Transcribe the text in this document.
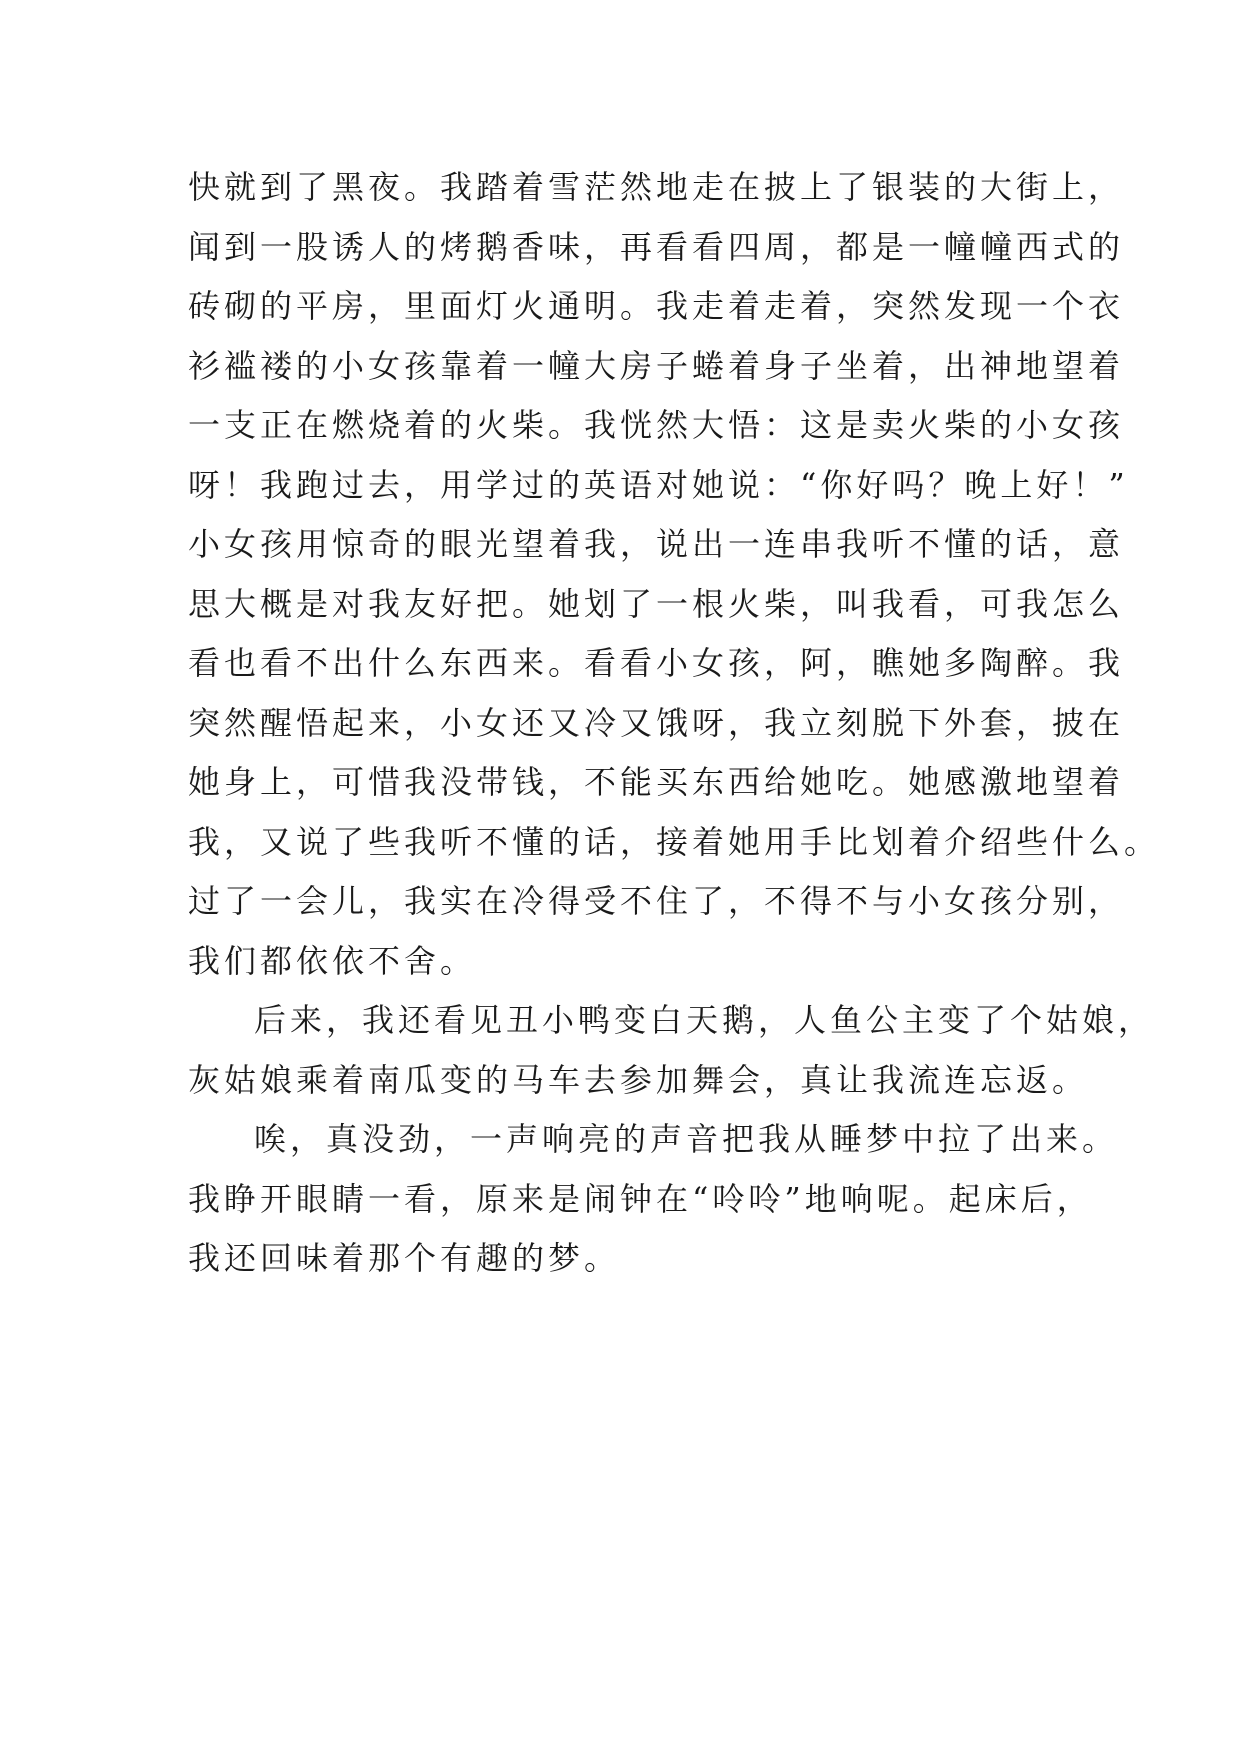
快就到了黑夜。我踏着雪茫然地走在披上了银装的大街上，
闻到一股诱人的烤鹅香味，再看看四周，都是一幢幢西式的
砖砌的平房，里面灯火通明。我走着走着，突然发现一个衣
衫褴褛的小女孩靠着一幢大房子蜷着身子坐着，出神地望着
一支正在燃烧着的火柴。我恍然大悟：这是卖火柴的小女孩
呀！我跑过去，用学过的英语对她说：“你好吗？晚上好！”
小女孩用惊奇的眼光望着我，说出一连串我听不懂的话，意
思大概是对我友好把。她划了一根火柴，叫我看，可我怎么
看也看不出什么东西来。看看小女孩，阿，瞧她多陶醉。我
突然醒悟起来，小女还又冷又饿呀，我立刻脱下外套，披在
她身上，可惜我没带钱，不能买东西给她吃。她感激地望着
我，又说了些我听不懂的话，接着她用手比划着介绍些什么。
过了一会儿，我实在冷得受不住了，不得不与小女孩分别，
我们都依依不舍。
后来，我还看见丑小鸭变白天鹅，人鱼公主变了个姑娘，
灰姑娘乘着南瓜变的马车去参加舞会，真让我流连忘返。
唉，真没劲，一声响亮的声音把我从睡梦中拉了出来。
我睁开眼睛一看，原来是闹钟在“呤呤”地响呢。起床后，
我还回味着那个有趣的梦。
